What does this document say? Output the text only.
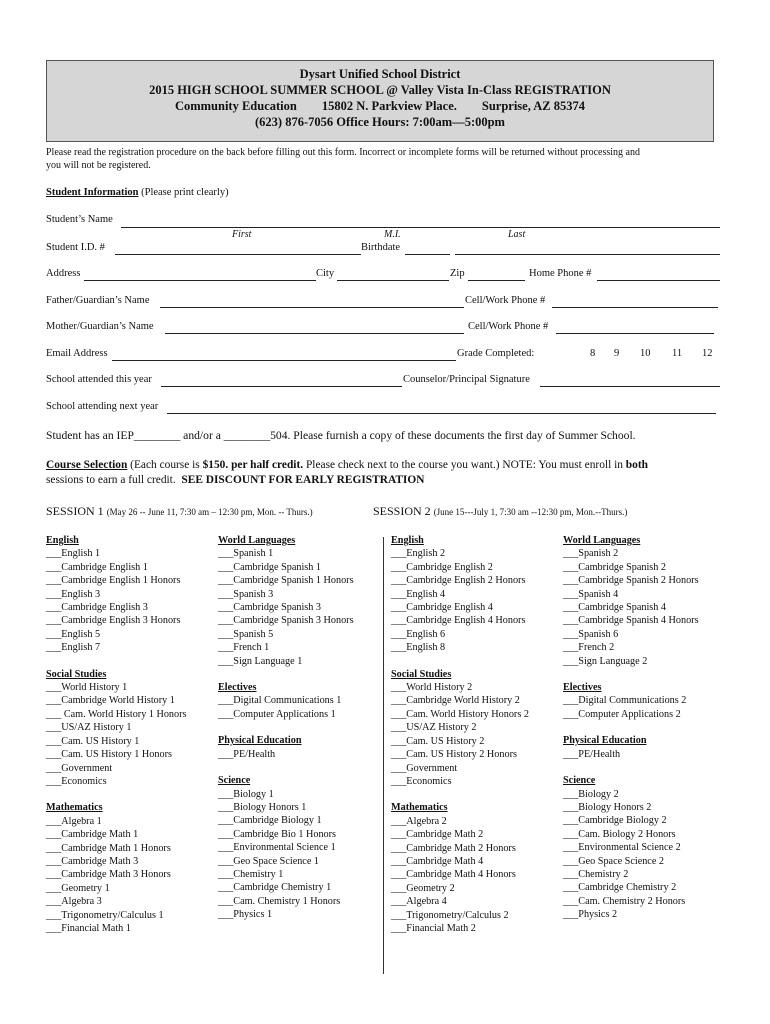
Dysart Unified School District
2015 HIGH SCHOOL SUMMER SCHOOL @ Valley Vista In-Class REGISTRATION
Community Education        15802 N. Parkview Place.        Surprise, AZ 85374
(623) 876-7056 Office Hours: 7:00am—5:00pm
Please read the registration procedure on the back before filling out this form. Incorrect or incomplete forms will be returned without processing and
you will not be registered.
Student Information (Please print clearly)
Student’s Name
First	M.I.	Last
Student I.D. #	Birthdate
Address	City	Zip	Home Phone #
Father/Guardian’s Name	Cell/Work Phone #
Mother/Guardian’s Name	Cell/Work Phone #
Email Address	Grade Completed:	8 9 10 11 12
School attended this year	Counselor/Principal Signature
School attending next year
Student has an IEP________ and/or a ________504. Please furnish a copy of these documents the first day of Summer School.
Course Selection (Each course is $150. per half credit. Please check next to the course you want.) NOTE: You must enroll in both
sessions to earn a full credit.  SEE DISCOUNT FOR EARLY REGISTRATION
SESSION 1 (May 26 -- June 11, 7:30 am – 12:30 pm, Mon. -- Thurs.)	SESSION 2 (June 15---July 1, 7:30 am --12:30 pm, Mon.--Thurs.)
English
___English 1
___Cambridge English 1
___Cambridge English 1 Honors
___English 3
___Cambridge English 3
___Cambridge English 3 Honors
___English 5
___English 7
Social Studies
___World History 1
___Cambridge World History 1
___ Cam. World History 1 Honors
___US/AZ History 1
___Cam. US History 1
___Cam. US History 1 Honors
___Government
___Economics
Mathematics
___Algebra 1
___Cambridge Math 1
___Cambridge Math 1 Honors
___Cambridge Math 3
___Cambridge Math 3 Honors
___Geometry 1
___Algebra 3
___Trigonometry/Calculus 1
___Financial Math 1
World Languages
___Spanish 1
___Cambridge Spanish 1
___Cambridge Spanish 1 Honors
___Spanish 3
___Cambridge Spanish 3
___Cambridge Spanish 3 Honors
___Spanish 5
___French 1
___Sign Language 1
Electives
___Digital Communications 1
___Computer Applications 1
Physical Education
___PE/Health
Science
___Biology 1
___Biology Honors 1
___Cambridge Biology 1
___Cambridge Bio 1 Honors
___Environmental Science 1
___Geo Space Science 1
___Chemistry 1
___Cambridge Chemistry 1
___Cam. Chemistry 1 Honors
___Physics 1
English
___English 2
___Cambridge English 2
___Cambridge English 2 Honors
___English 4
___Cambridge English 4
___Cambridge English 4 Honors
___English 6
___English 8
Social Studies
___World History 2
___Cambridge World History 2
___Cam. World History Honors 2
___US/AZ History 2
___Cam. US History 2
___Cam. US History 2 Honors
___Government
___Economics
Mathematics
___Algebra 2
___Cambridge Math 2
___Cambridge Math 2 Honors
___Cambridge Math 4
___Cambridge Math 4 Honors
___Geometry 2
___Algebra 4
___Trigonometry/Calculus 2
___Financial Math 2
World Languages
___Spanish 2
___Cambridge Spanish 2
___Cambridge Spanish 2 Honors
___Spanish 4
___Cambridge Spanish 4
___Cambridge Spanish 4 Honors
___Spanish 6
___French 2
___Sign Language 2
Electives
___Digital Communications 2
___Computer Applications 2
Physical Education
___PE/Health
Science
___Biology 2
___Biology Honors 2
___Cambridge Biology 2
___Cam. Biology 2 Honors
___Environmental Science 2
___Geo Space Science 2
___Chemistry 2
___Cambridge Chemistry 2
___Cam. Chemistry 2 Honors
___Physics 2
